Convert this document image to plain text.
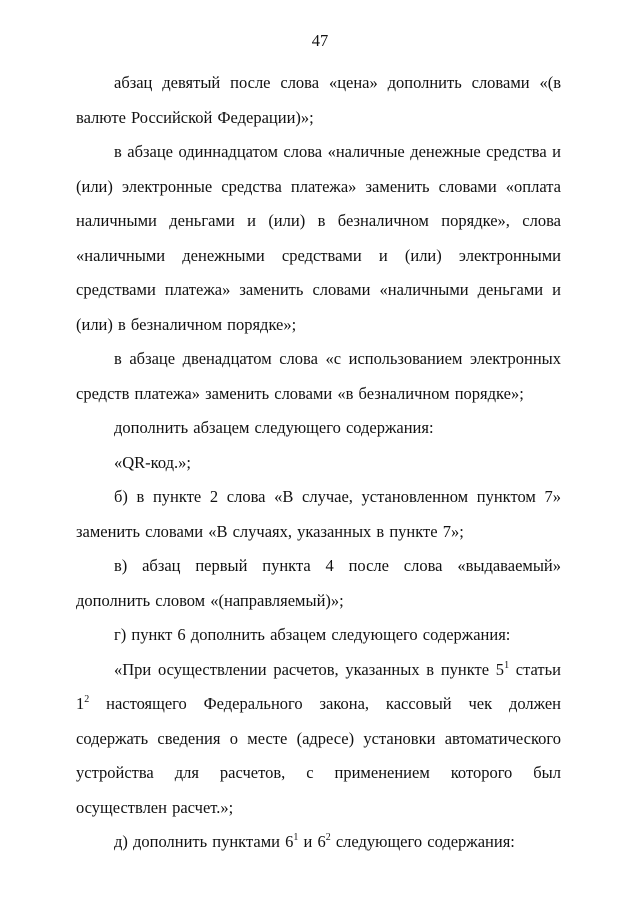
47

абзац девятый после слова «цена» дополнить словами «(в валюте Российской Федерации)»;

в абзаце одиннадцатом слова «наличные денежные средства и (или) электронные средства платежа» заменить словами «оплата наличными деньгами и (или) в безналичном порядке», слова «наличными денежными средствами и (или) электронными средствами платежа» заменить словами «наличными деньгами и (или) в безналичном порядке»;

в абзаце двенадцатом слова «с использованием электронных средств платежа» заменить словами «в безналичном порядке»;

дополнить абзацем следующего содержания:

«QR-код.»;

б) в пункте 2 слова «В случае, установленном пунктом 7» заменить словами «В случаях, указанных в пункте 7»;

в) абзац первый пункта 4 после слова «выдаваемый» дополнить словом «(направляемый)»;

г) пункт 6 дополнить абзацем следующего содержания:

«При осуществлении расчетов, указанных в пункте $5^1$ статьи $1^2$ настоящего Федерального закона, кассовый чек должен содержать сведения о месте (адресе) установки автоматического устройства для расчетов, с применением которого был осуществлен расчет.»;

д) дополнить пунктами $6^1$ и $6^2$ следующего содержания:
